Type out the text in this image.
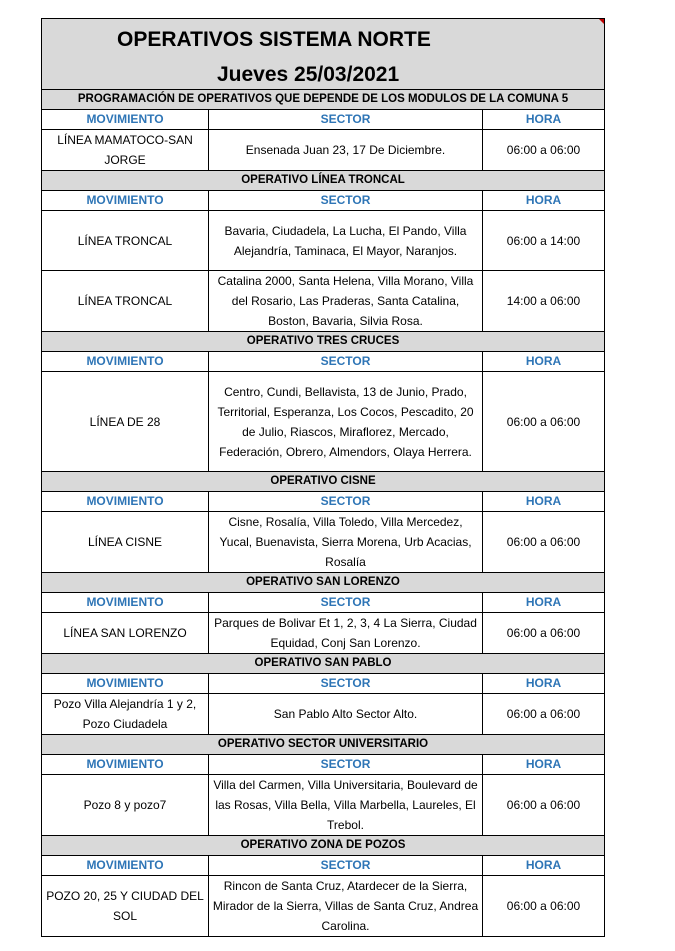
OPERATIVOS SISTEMA NORTE
Jueves 25/03/2021		

PROGRAMACIÓN DE OPERATIVOS QUE DEPENDE DE LOS MODULOS DE LA COMUNA 5		
MOVIMIENTO	SECTOR	HORA
LÍNEA MAMATOCO-SAN JORGE	Ensenada Juan 23, 17 De Diciembre.	06:00 a 06:00
OPERATIVO LÍNEA TRONCAL		
MOVIMIENTO	SECTOR	HORA
LÍNEA TRONCAL	Bavaria, Ciudadela, La Lucha, El Pando, Villa Alejandría, Taminaca, El Mayor, Naranjos.	06:00 a 14:00
LÍNEA TRONCAL	Catalina 2000, Santa Helena, Villa Morano, Villa del Rosario, Las Praderas, Santa Catalina, Boston, Bavaria, Silvia Rosa.	14:00 a 06:00
OPERATIVO TRES CRUCES		
MOVIMIENTO	SECTOR	HORA
LÍNEA DE 28	Centro, Cundi, Bellavista, 13 de Junio, Prado, Territorial, Esperanza, Los Cocos, Pescadito, 20 de Julio, Riascos, Miraflorez, Mercado, Federación, Obrero, Almendors, Olaya Herrera.	06:00 a 06:00
OPERATIVO CISNE		
MOVIMIENTO	SECTOR	HORA
LÍNEA CISNE	Cisne, Rosalía, Villa Toledo, Villa Mercedez, Yucal, Buenavista, Sierra Morena, Urb Acacias, Rosalía	06:00 a 06:00
OPERATIVO SAN LORENZO		
MOVIMIENTO	SECTOR	HORA
LÍNEA SAN LORENZO	Parques de Bolivar Et 1, 2, 3, 4 La Sierra, Ciudad Equidad, Conj San Lorenzo.	06:00 a 06:00
OPERATIVO SAN PABLO		
MOVIMIENTO	SECTOR	HORA
Pozo Villa Alejandría 1 y 2, Pozo Ciudadela	San Pablo Alto Sector Alto.	06:00 a 06:00
OPERATIVO SECTOR UNIVERSITARIO		
MOVIMIENTO	SECTOR	HORA
Pozo 8 y pozo7	Villa del Carmen, Villa Universitaria, Boulevard de las Rosas, Villa Bella, Villa Marbella, Laureles, El Trebol.	06:00 a 06:00
OPERATIVO ZONA DE POZOS		
MOVIMIENTO	SECTOR	HORA
POZO 20, 25 Y CIUDAD DEL SOL	Rincon de Santa Cruz, Atardecer de la Sierra, Mirador de la Sierra, Villas de Santa Cruz, Andrea Carolina.	06:00 a 06:00
